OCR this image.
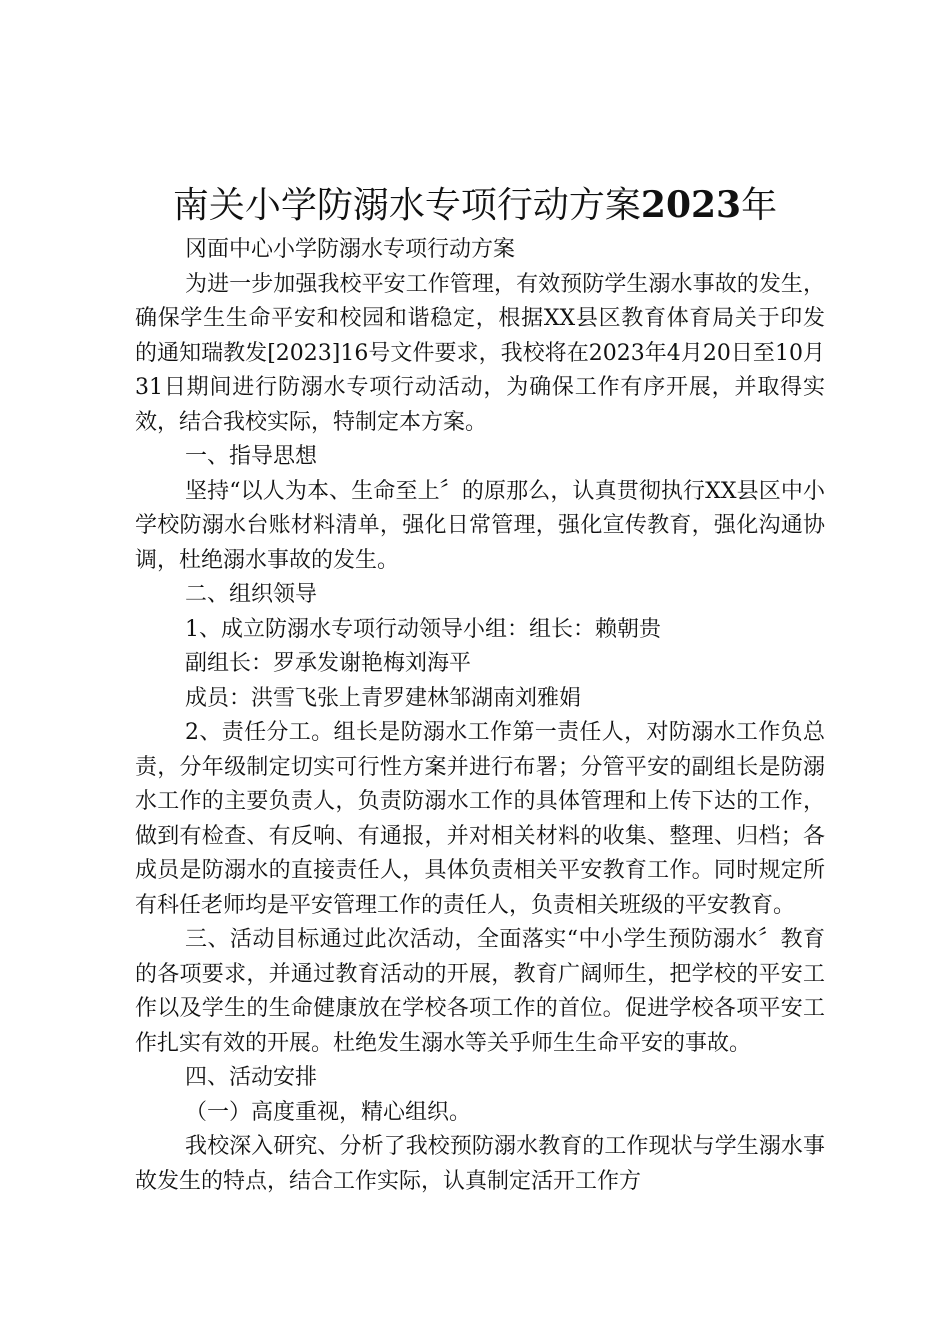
南关小学防溺水专项行动方案2023年

冈面中心小学防溺水专项行动方案

为进一步加强我校平安工作管理，有效预防学生溺水事故的发生，确保学生生命平安和校园和谐稳定，根据XX县区教育体育局关于印发的通知瑞教发[2023]16号文件要求，我校将在2023年4月20日至10月31日期间进行防溺水专项行动活动，为确保工作有序开展，并取得实效，结合我校实际，特制定本方案。

一、指导思想

坚持“以人为本、生命至上〞的原那么，认真贯彻执行XX县区中小学校防溺水台账材料清单，强化日常管理，强化宣传教育，强化沟通协调，杜绝溺水事故的发生。

二、组织领导

1、成立防溺水专项行动领导小组：组长：赖朝贵

副组长：罗承发谢艳梅刘海平

成员：洪雪飞张上青罗建林邹湖南刘雅娟

2、责任分工。组长是防溺水工作第一责任人，对防溺水工作负总责，分年级制定切实可行性方案并进行布署；分管平安的副组长是防溺水工作的主要负责人，负责防溺水工作的具体管理和上传下达的工作，做到有检查、有反响、有通报，并对相关材料的收集、整理、归档；各成员是防溺水的直接责任人，具体负责相关平安教育工作。同时规定所有科任老师均是平安管理工作的责任人，负责相关班级的平安教育。

三、活动目标通过此次活动，全面落实“中小学生预防溺水〞教育的各项要求，并通过教育活动的开展，教育广阔师生，把学校的平安工作以及学生的生命健康放在学校各项工作的首位。促进学校各项平安工作扎实有效的开展。杜绝发生溺水等关乎师生生命平安的事故。

四、活动安排

（一）高度重视，精心组织。

我校深入研究、分析了我校预防溺水教育的工作现状与学生溺水事故发生的特点，结合工作实际，认真制定活开工作方
